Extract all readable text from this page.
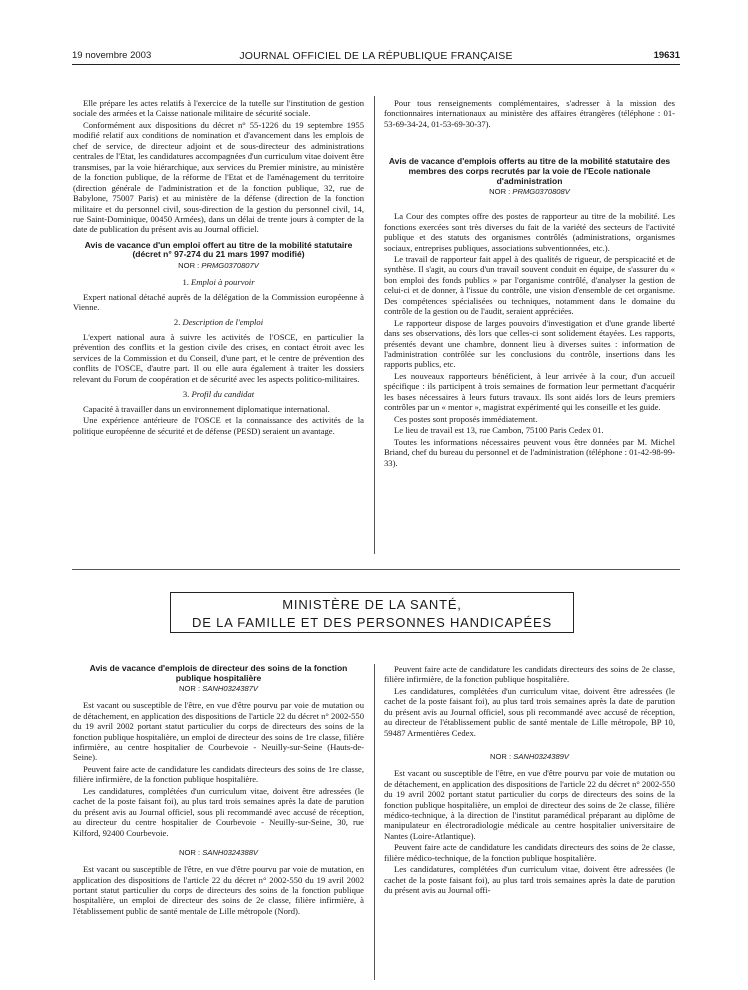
19 novembre 2003	JOURNAL OFFICIEL DE LA RÉPUBLIQUE FRANÇAISE	19631

Elle prépare les actes relatifs à l'exercice de la tutelle sur l'institution de gestion sociale des armées et la Caisse nationale militaire de sécurité sociale.

Conformément aux dispositions du décret n° 55-1226 du 19 septembre 1955 modifié relatif aux conditions de nomination et d'avancement dans les emplois de chef de service, de directeur adjoint et de sous-directeur des administrations centrales de l'Etat, les candidatures accompagnées d'un curriculum vitae doivent être transmises, par la voie hiérarchique, aux services du Premier ministre, au ministère de la fonction publique, de la réforme de l'Etat et de l'aménagement du territoire (direction générale de l'administration et de la fonction publique, 32, rue de Babylone, 75007 Paris) et au ministère de la défense (direction de la fonction militaire et du personnel civil, sous-direction de la gestion du personnel civil, 14, rue Saint-Dominique, 00450 Armées), dans un délai de trente jours à compter de la date de publication du présent avis au Journal officiel.

Avis de vacance d'un emploi offert au titre de la mobilité statutaire (décret n° 97-274 du 21 mars 1997 modifié)
NOR : PRMG0370807V
1. Emploi à pourvoir

Expert national détaché auprès de la délégation de la Commission européenne à Vienne.

2. Description de l'emploi

L'expert national aura à suivre les activités de l'OSCE, en particulier la prévention des conflits et la gestion civile des crises, en contact étroit avec les services de la Commission et du Conseil, d'une part, et le centre de prévention des conflits de l'OSCE, d'autre part. Il ou elle aura également à traiter les dossiers relevant du Forum de coopération et de sécurité avec les aspects politico-militaires.

3. Profil du candidat

Capacité à travailler dans un environnement diplomatique international.

Une expérience antérieure de l'OSCE et la connaissance des activités de la politique européenne de sécurité et de défense (PESD) seraient un avantage.

Pour tous renseignements complémentaires, s'adresser à la mission des fonctionnaires internationaux au ministère des affaires étrangères (téléphone : 01-53-69-34-24, 01-53-69-30-37).

Avis de vacance d'emplois offerts au titre de la mobilité statutaire des membres des corps recrutés par la voie de l'Ecole nationale d'administration
NOR : PRMG0370808V

La Cour des comptes offre des postes de rapporteur au titre de la mobilité. Les fonctions exercées sont très diverses du fait de la variété des secteurs de l'activité publique et des statuts des organismes contrôlés (administrations, organismes sociaux, entreprises publiques, associations subventionnées, etc.).

Le travail de rapporteur fait appel à des qualités de rigueur, de perspicacité et de synthèse. Il s'agit, au cours d'un travail souvent conduit en équipe, de s'assurer du « bon emploi des fonds publics » par l'organisme contrôlé, d'analyser la gestion de celui-ci et de donner, à l'issue du contrôle, une vision d'ensemble de cet organisme. Des compétences spécialisées ou techniques, notamment dans le domaine du contrôle de la gestion ou de l'audit, seraient appréciées.

Le rapporteur dispose de larges pouvoirs d'investigation et d'une grande liberté dans ses observations, dès lors que celles-ci sont solidement étayées. Les rapports, présentés devant une chambre, donnent lieu à diverses suites : information de l'administration contrôlée sur les conclusions du contrôle, insertions dans les rapports publics, etc.

Les nouveaux rapporteurs bénéficient, à leur arrivée à la cour, d'un accueil spécifique : ils participent à trois semaines de formation leur permettant d'acquérir les bases nécessaires à leurs futurs travaux. Ils sont aidés lors de leurs premiers contrôles par un « mentor », magistrat expérimenté qui les conseille et les guide.

Ces postes sont proposés immédiatement.

Le lieu de travail est 13, rue Cambon, 75100 Paris Cedex 01.

Toutes les informations nécessaires peuvent vous être données par M. Michel Briand, chef du bureau du personnel et de l'administration (téléphone : 01-42-98-99-33).

MINISTÈRE DE LA SANTÉ,
DE LA FAMILLE ET DES PERSONNES HANDICAPÉES
Avis de vacance d'emplois de directeur des soins de la fonction publique hospitalière
NOR : SANH0324387V

Est vacant ou susceptible de l'être, en vue d'être pourvu par voie de mutation ou de détachement, en application des dispositions de l'article 22 du décret n° 2002-550 du 19 avril 2002 portant statut particulier du corps de directeurs des soins de la fonction publique hospitalière, un emploi de directeur des soins de 1re classe, filière infirmière, au centre hospitalier de Courbevoie - Neuilly-sur-Seine (Hauts-de-Seine).

Peuvent faire acte de candidature les candidats directeurs des soins de 1re classe, filière infirmière, de la fonction publique hospitalière.

Les candidatures, complétées d'un curriculum vitae, doivent être adressées (le cachet de la poste faisant foi), au plus tard trois semaines après la date de parution du présent avis au Journal officiel, sous pli recommandé avec accusé de réception, au directeur du centre hospitalier de Courbevoie - Neuilly-sur-Seine, 30, rue Kilford, 92400 Courbevoie.

NOR : SANH0324388V

Est vacant ou susceptible de l'être, en vue d'être pourvu par voie de mutation, en application des dispositions de l'article 22 du décret n° 2002-550 du 19 avril 2002 portant statut particulier du corps de directeurs des soins de la fonction publique hospitalière, un emploi de directeur des soins de 2e classe, filière infirmière, à l'établissement public de santé mentale de Lille métropole (Nord).

Peuvent faire acte de candidature les candidats directeurs des soins de 2e classe, filière infirmière, de la fonction publique hospitalière.

Les candidatures, complétées d'un curriculum vitae, doivent être adressées (le cachet de la poste faisant foi), au plus tard trois semaines après la date de parution du présent avis au Journal officiel, sous pli recommandé avec accusé de réception, au directeur de l'établissement public de santé mentale de Lille métropole, BP 10, 59487 Armentières Cedex.

NOR : SANH0324389V

Est vacant ou susceptible de l'être, en vue d'être pourvu par voie de mutation ou de détachement, en application des dispositions de l'article 22 du décret n° 2002-550 du 19 avril 2002 portant statut particulier du corps de directeurs des soins de la fonction publique hospitalière, un emploi de directeur des soins de 2e classe, filière médico-technique, à la direction de l'institut paramédical préparant au diplôme de manipulateur en électroradiologie médicale au centre hospitalier universitaire de Nantes (Loire-Atlantique).

Peuvent faire acte de candidature les candidats directeurs des soins de 2e classe, filière médico-technique, de la fonction publique hospitalière.

Les candidatures, complétées d'un curriculum vitae, doivent être adressées (le cachet de la poste faisant foi), au plus tard trois semaines après la date de parution du présent avis au Journal offi-
